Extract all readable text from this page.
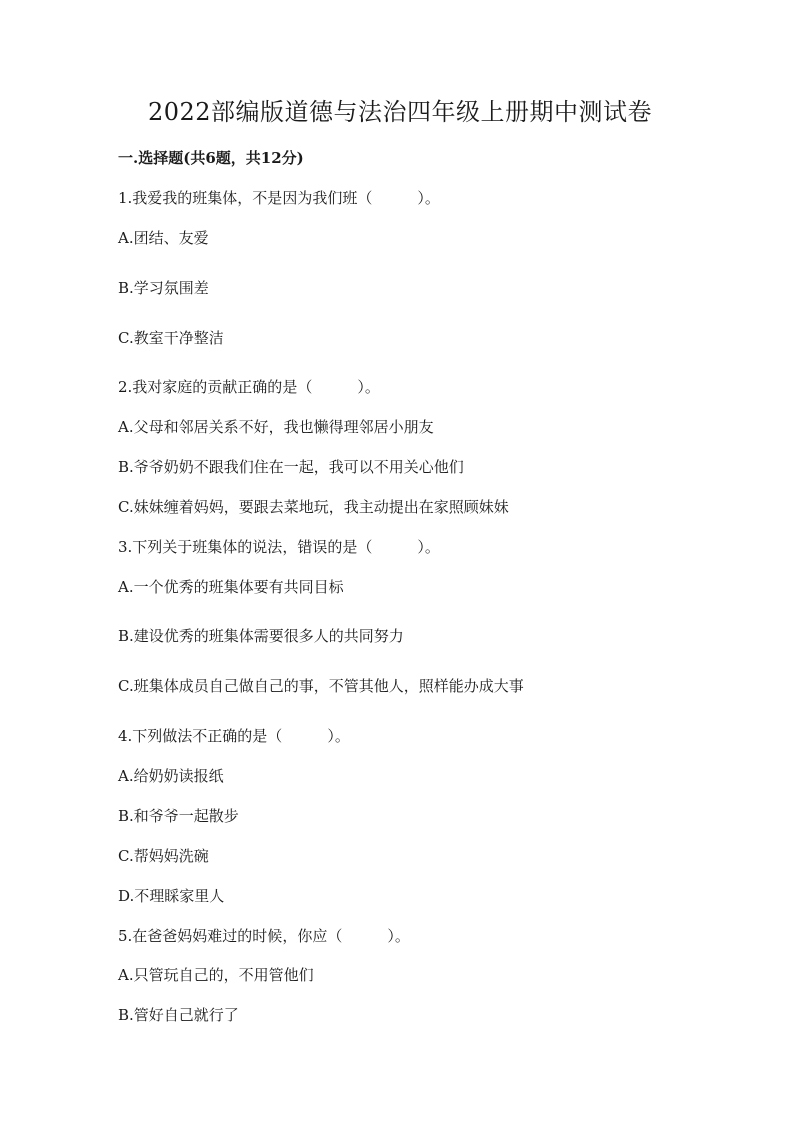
2022部编版道德与法治四年级上册期中测试卷
一.选择题(共6题，共12分)
1.我爱我的班集体，不是因为我们班（　　　）。
A.团结、友爱
B.学习氛围差
C.教室干净整洁
2.我对家庭的贡献正确的是（　　　）。
A.父母和邻居关系不好，我也懒得理邻居小朋友
B.爷爷奶奶不跟我们住在一起，我可以不用关心他们
C.妹妹缠着妈妈，要跟去菜地玩，我主动提出在家照顾妹妹
3.下列关于班集体的说法，错误的是（　　　）。
A.一个优秀的班集体要有共同目标
B.建设优秀的班集体需要很多人的共同努力
C.班集体成员自己做自己的事，不管其他人，照样能办成大事
4.下列做法不正确的是（　　　）。
A.给奶奶读报纸
B.和爷爷一起散步
C.帮妈妈洗碗
D.不理睬家里人
5.在爸爸妈妈难过的时候，你应（　　　）。
A.只管玩自己的，不用管他们
B.管好自己就行了
